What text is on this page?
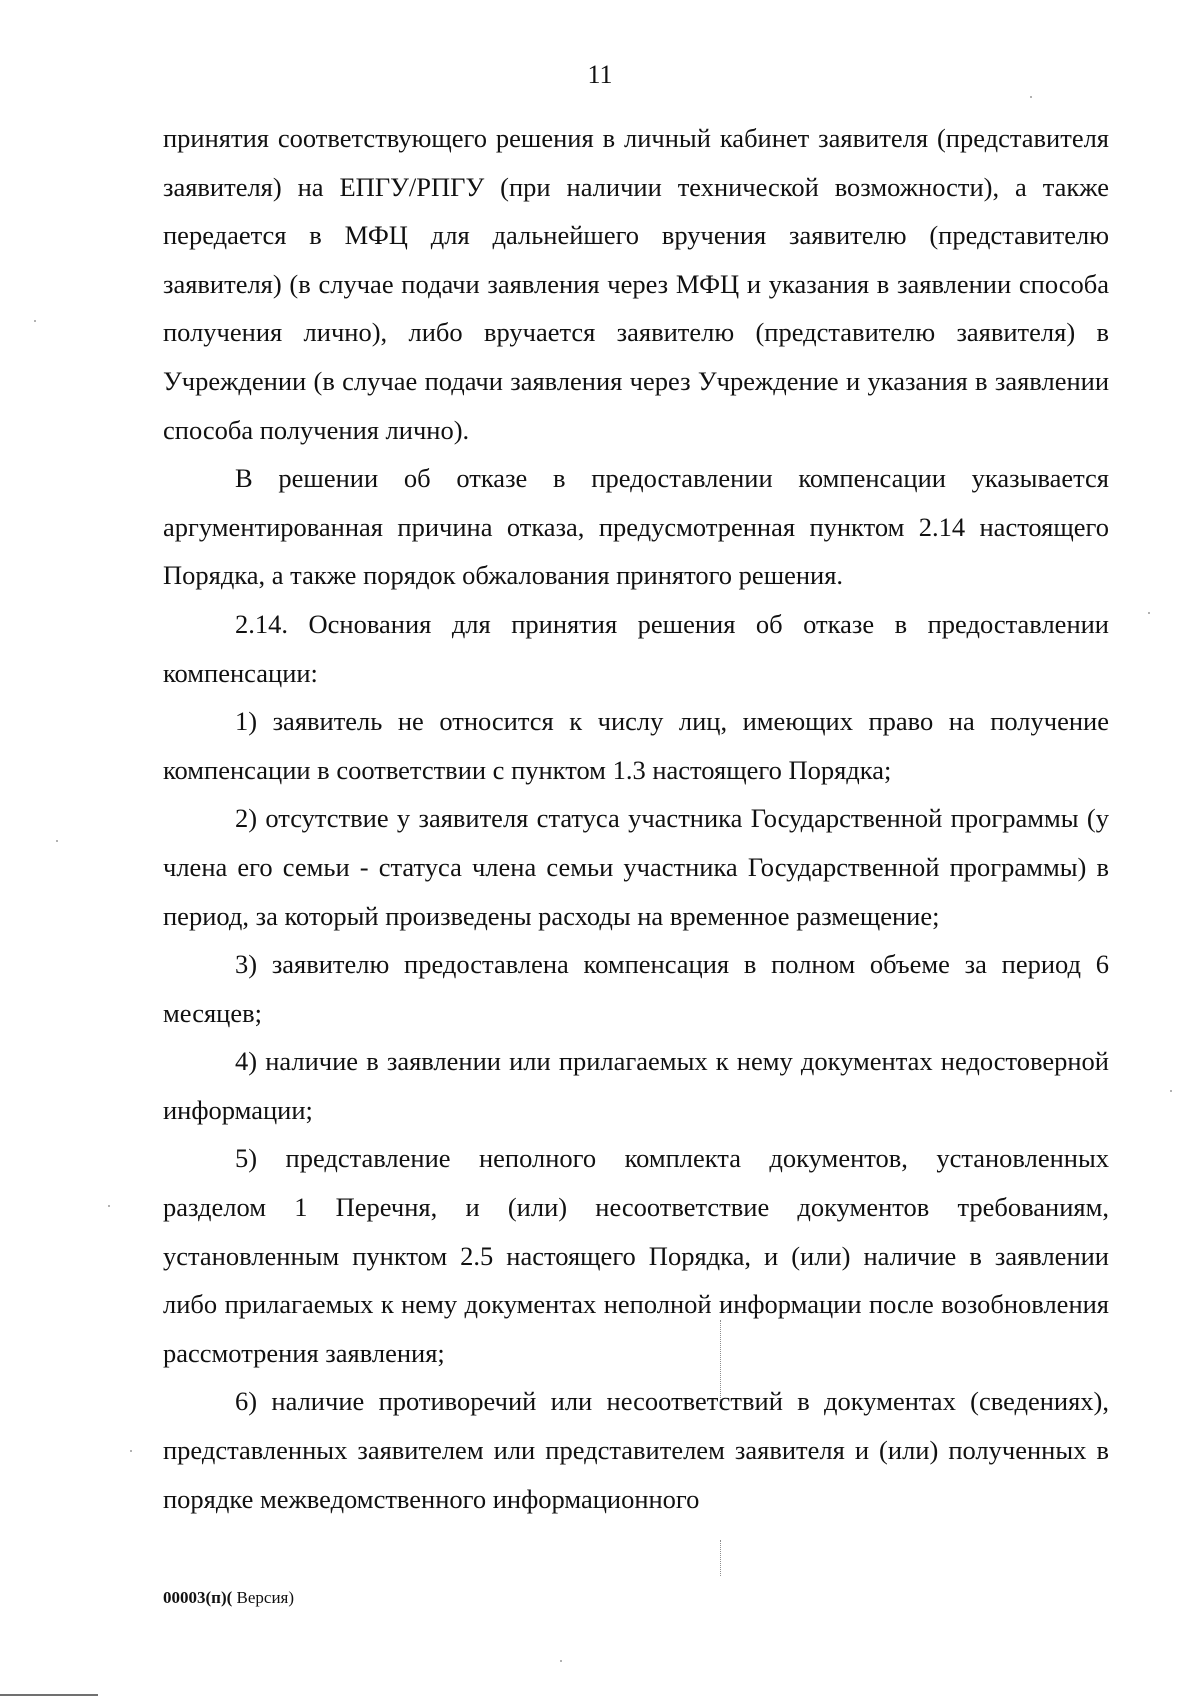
11

принятия соответствующего решения в личный кабинет заявителя (представителя заявителя) на ЕПГУ/РПГУ (при наличии технической возможности), а также передается в МФЦ для дальнейшего вручения заявителю (представителю заявителя) (в случае подачи заявления через МФЦ и указания в заявлении способа получения лично), либо вручается заявителю (представителю заявителя) в Учреждении (в случае подачи заявления через Учреждение и указания в заявлении способа получения лично).

В решении об отказе в предоставлении компенсации указывается аргументированная причина отказа, предусмотренная пунктом 2.14 настоящего Порядка, а также порядок обжалования принятого решения.

2.14. Основания для принятия решения об отказе в предоставлении компенсации:

1) заявитель не относится к числу лиц, имеющих право на получение компенсации в соответствии с пунктом 1.3 настоящего Порядка;

2) отсутствие у заявителя статуса участника Государственной программы (у члена его семьи - статуса члена семьи участника Государственной программы) в период, за который произведены расходы на временное размещение;

3) заявителю предоставлена компенсация в полном объеме за период 6 месяцев;

4) наличие в заявлении или прилагаемых к нему документах недостоверной информации;

5) представление неполного комплекта документов, установленных разделом 1 Перечня, и (или) несоответствие документов требованиям, установленным пунктом 2.5 настоящего Порядка, и (или) наличие в заявлении либо прилагаемых к нему документах неполной информации после возобновления рассмотрения заявления;

6) наличие противоречий или несоответствий в документах (сведениях), представленных заявителем или представителем заявителя и (или) полученных в порядке межведомственного информационного

00003(п)( Версия)
